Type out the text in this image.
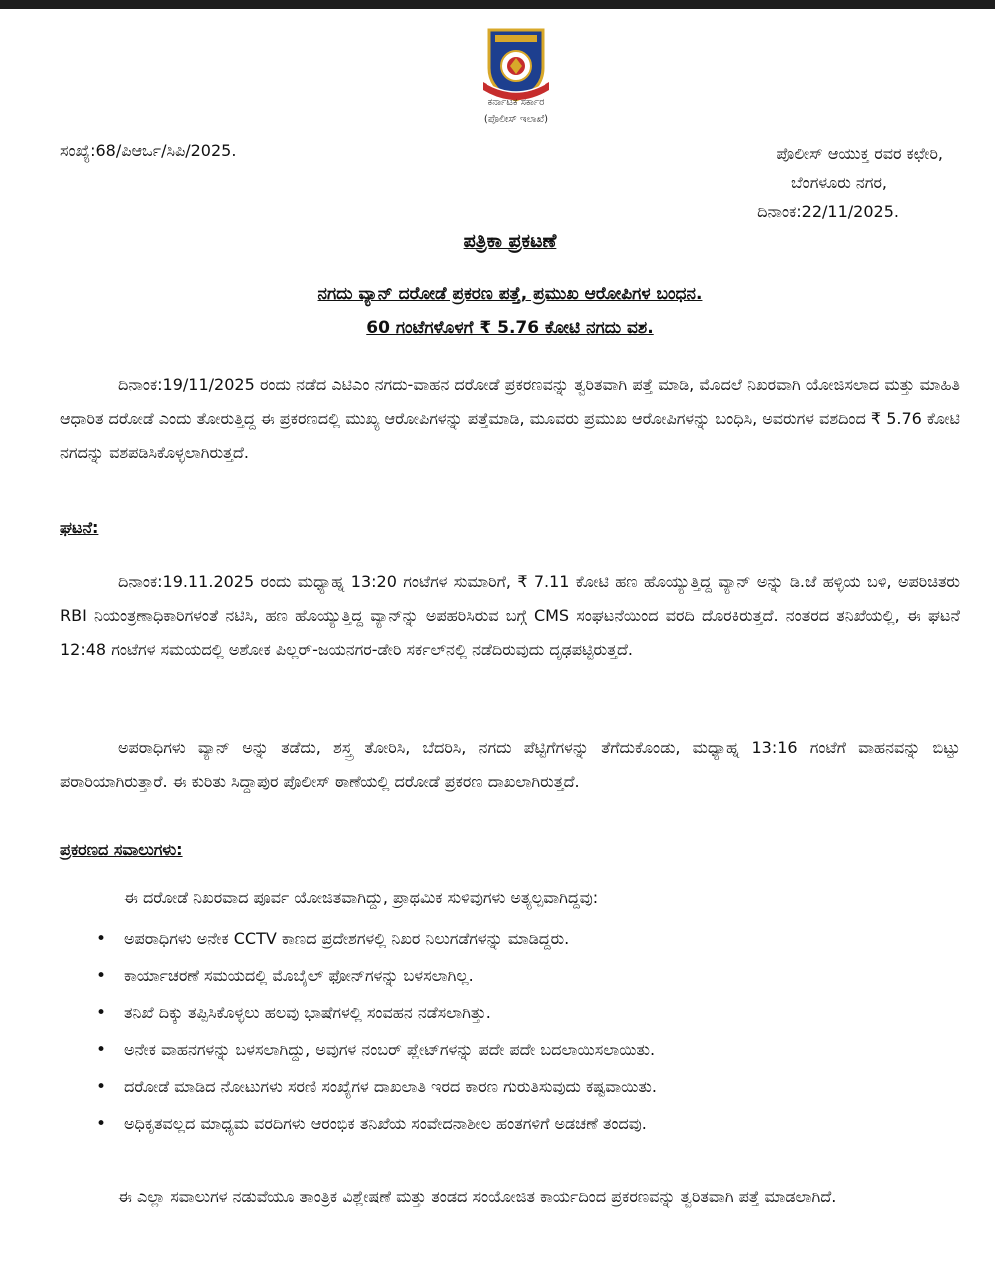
ಕರ್ನಾಟಕ ಸರ್ಕಾರ
(ಪೊಲೀಸ್ ಇಲಾಖೆ)
ಸಂಖ್ಯೆ:68/ಪಿಆರ್ಒ/ಸಿಪಿ/2025.	ಪೊಲೀಸ್ ಆಯುಕ್ತ ರವರ ಕಛೇರಿ,
ಬೆಂಗಳೂರು ನಗರ,
ದಿನಾಂಕ:22/11/2025.
ಪತ್ರಿಕಾ ಪ್ರಕಟಣೆ
ನಗದು ವ್ಯಾನ್ ದರೋಡೆ ಪ್ರಕರಣ ಪತ್ತೆ, ಪ್ರಮುಖ ಆರೋಪಿಗಳ ಬಂಧನ.
60 ಗಂಟೆಗಳೊಳಗೆ ₹ 5.76 ಕೋಟಿ ನಗದು ವಶ.

ದಿನಾಂಕ:19/11/2025 ರಂದು ನಡೆದ ಎಟಿಎಂ ನಗದು-ವಾಹನ ದರೋಡೆ ಪ್ರಕರಣವನ್ನು ತ್ವರಿತವಾಗಿ ಪತ್ತೆ ಮಾಡಿ, ಮೊದಲೆ ನಿಖರವಾಗಿ ಯೋಜಿಸಲಾದ ಮತ್ತು ಮಾಹಿತಿ ಆಧಾರಿತ ದರೋಡೆ ಎಂದು ತೋರುತ್ತಿದ್ದ ಈ ಪ್ರಕರಣದಲ್ಲಿ ಮುಖ್ಯ ಆರೋಪಿಗಳನ್ನು ಪತ್ತೆಮಾಡಿ, ಮೂವರು ಪ್ರಮುಖ ಆರೋಪಿಗಳನ್ನು ಬಂಧಿಸಿ, ಅವರುಗಳ ವಶದಿಂದ ₹ 5.76 ಕೋಟಿ ನಗದನ್ನು ವಶಪಡಿಸಿಕೊಳ್ಳಲಾಗಿರುತ್ತದೆ.

ಘಟನೆ:

ದಿನಾಂಕ:19.11.2025 ರಂದು ಮಧ್ಯಾಹ್ನ 13:20 ಗಂಟೆಗಳ ಸುಮಾರಿಗೆ, ₹ 7.11 ಕೋಟಿ ಹಣ ಹೊಯ್ಯುತ್ತಿದ್ದ ವ್ಯಾನ್ ಅನ್ನು ಡಿ.ಜೆ ಹಳ್ಳಿಯ ಬಳಿ, ಅಪರಿಚಿತರು RBI ನಿಯಂತ್ರಣಾಧಿಕಾರಿಗಳಂತೆ ನಟಿಸಿ, ಹಣ ಹೊಯ್ಯುತ್ತಿದ್ದ ವ್ಯಾನ್‌ನ್ನು ಅಪಹರಿಸಿರುವ ಬಗ್ಗೆ CMS ಸಂಘಟನೆಯಿಂದ ವರದಿ ದೊರಕಿರುತ್ತದೆ. ನಂತರದ ತನಿಖೆಯಲ್ಲಿ, ಈ ಘಟನೆ 12:48 ಗಂಟೆಗಳ ಸಮಯದಲ್ಲಿ ಅಶೋಕ ಪಿಲ್ಲರ್-ಜಯನಗರ-ಡೇರಿ ಸರ್ಕಲ್‌ನಲ್ಲಿ ನಡೆದಿರುವುದು ದೃಢಪಟ್ಟಿರುತ್ತದೆ.

ಅಪರಾಧಿಗಳು ವ್ಯಾನ್ ಅನ್ನು ತಡೆದು, ಶಸ್ತ್ರ ತೋರಿಸಿ, ಬೆದರಿಸಿ, ನಗದು ಪೆಟ್ಟಿಗೆಗಳನ್ನು ತೆಗೆದುಕೊಂಡು, ಮಧ್ಯಾಹ್ನ 13:16 ಗಂಟೆಗೆ ವಾಹನವನ್ನು ಬಿಟ್ಟು ಪರಾರಿಯಾಗಿರುತ್ತಾರೆ. ಈ ಕುರಿತು ಸಿದ್ದಾಪುರ ಪೊಲೀಸ್ ಠಾಣೆಯಲ್ಲಿ ದರೋಡೆ ಪ್ರಕರಣ ದಾಖಲಾಗಿರುತ್ತದೆ.

ಪ್ರಕರಣದ ಸವಾಲುಗಳು:
ಈ ದರೋಡೆ ನಿಖರವಾದ ಪೂರ್ವ ಯೋಜಿತವಾಗಿದ್ದು, ಪ್ರಾಥಮಿಕ ಸುಳಿವುಗಳು ಅತ್ಯಲ್ಪವಾಗಿದ್ದವು:
• ಅಪರಾಧಿಗಳು ಅನೇಕ CCTV ಕಾಣದ ಪ್ರದೇಶಗಳಲ್ಲಿ ನಿಖರ ನಿಲುಗಡೆಗಳನ್ನು ಮಾಡಿದ್ದರು.
• ಕಾರ್ಯಾಚರಣೆ ಸಮಯದಲ್ಲಿ ಮೊಬೈಲ್ ಫೋನ್‌ಗಳನ್ನು ಬಳಸಲಾಗಿಲ್ಲ.
• ತನಿಖೆ ದಿಕ್ಕು ತಪ್ಪಿಸಿಕೊಳ್ಳಲು ಹಲವು ಭಾಷೆಗಳಲ್ಲಿ ಸಂವಹನ ನಡೆಸಲಾಗಿತ್ತು.
• ಅನೇಕ ವಾಹನಗಳನ್ನು ಬಳಸಲಾಗಿದ್ದು, ಅವುಗಳ ನಂಬರ್ ಪ್ಲೇಟ್‌ಗಳನ್ನು ಪದೇ ಪದೇ ಬದಲಾಯಿಸಲಾಯಿತು.
• ದರೋಡೆ ಮಾಡಿದ ನೋಟುಗಳು ಸರಣಿ ಸಂಖ್ಯೆಗಳ ದಾಖಲಾತಿ ಇರದ ಕಾರಣ ಗುರುತಿಸುವುದು ಕಷ್ಟವಾಯಿತು.
• ಅಧಿಕೃತವಲ್ಲದ ಮಾಧ್ಯಮ ವರದಿಗಳು ಆರಂಭಿಕ ತನಿಖೆಯ ಸಂವೇದನಾಶೀಲ ಹಂತಗಳಿಗೆ ಅಡಚಣೆ ತಂದವು.

ಈ ಎಲ್ಲಾ ಸವಾಲುಗಳ ನಡುವೆಯೂ ತಾಂತ್ರಿಕ ವಿಶ್ಲೇಷಣೆ ಮತ್ತು ತಂಡದ ಸಂಯೋಜಿತ ಕಾರ್ಯದಿಂದ ಪ್ರಕರಣವನ್ನು ತ್ವರಿತವಾಗಿ ಪತ್ತೆ ಮಾಡಲಾಗಿದೆ.
